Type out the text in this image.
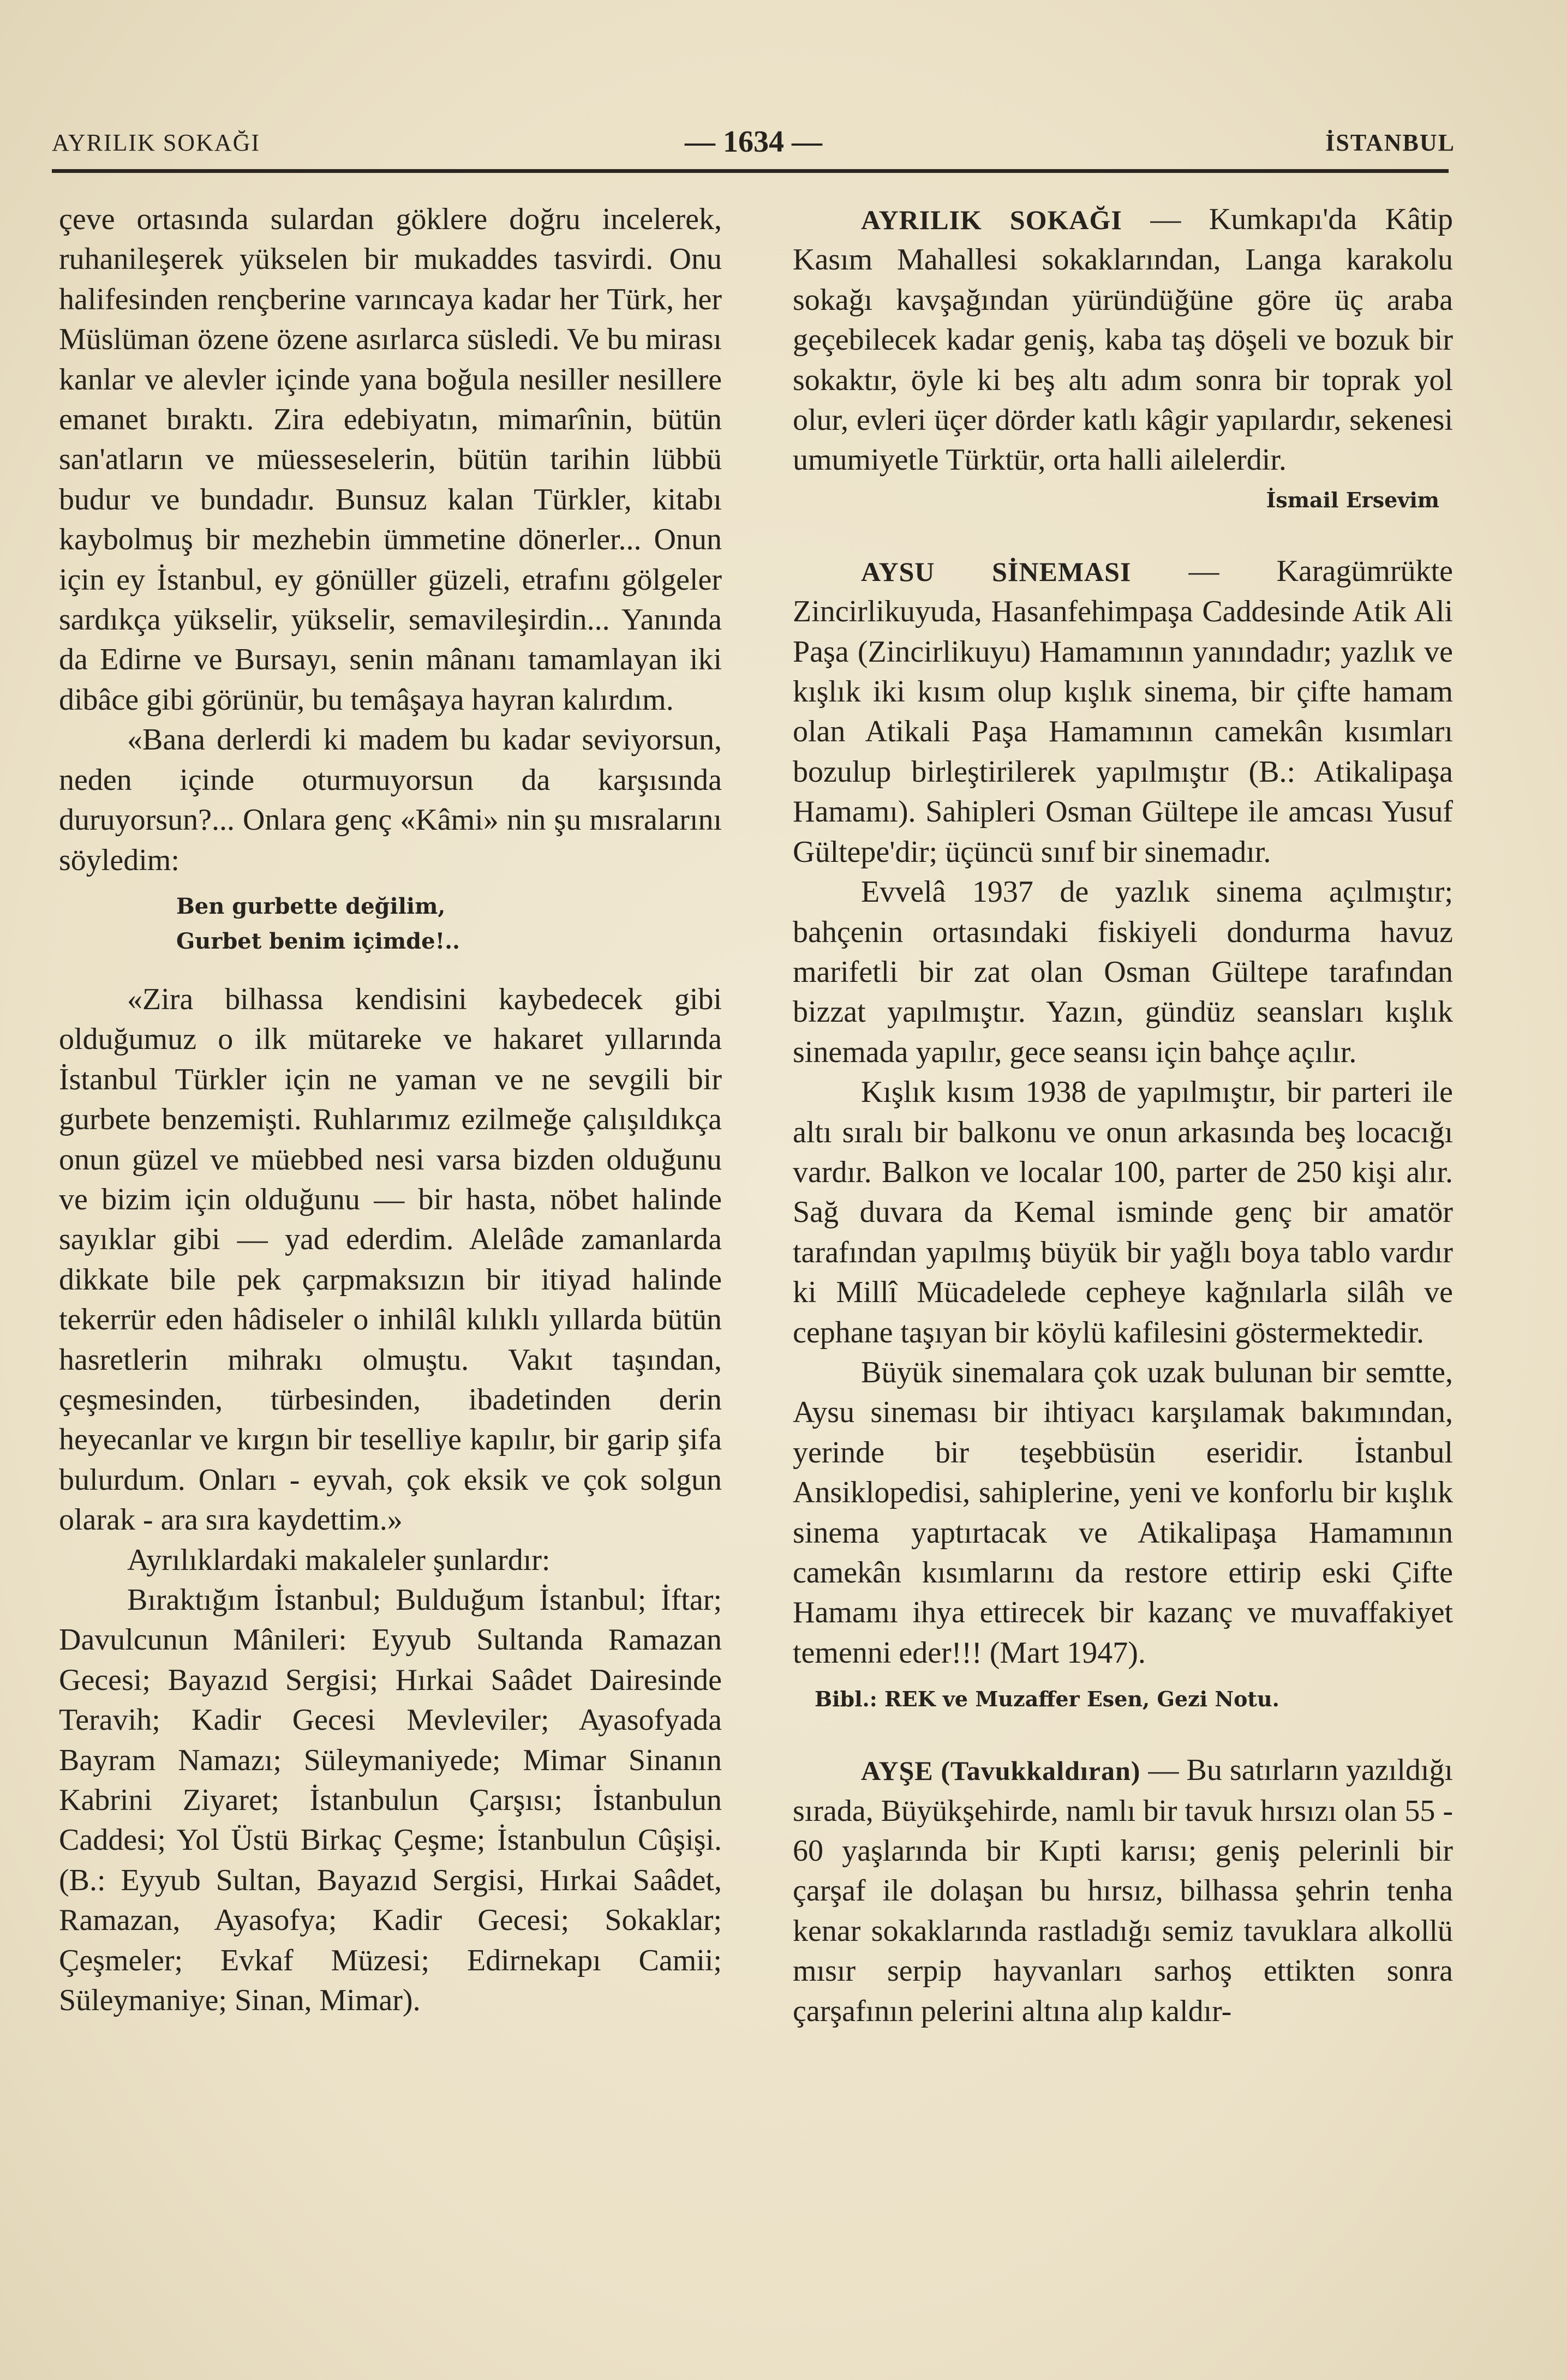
AYRILIK SOKAĞI	— 1634 —	İSTANBUL

çeve ortasında sulardan göklere doğru incelerek, ruhanileşerek yükselen bir mukaddes tasvirdi. Onu halifesinden rençberine varıncaya kadar her Türk, her Müslüman özene özene asırlarca süsledi. Ve bu mirası kanlar ve alevler içinde yana boğula nesiller nesillere emanet bıraktı. Zira edebiyatın, mimarînin, bütün san'atların ve müesseselerin, bütün tarihin lübbü budur ve bundadır. Bunsuz kalan Türkler, kitabı kaybolmuş bir mezhebin ümmetine dönerler... Onun için ey İstanbul, ey gönüller güzeli, etrafını gölgeler sardıkça yükselir, yükselir, semavileşirdin... Yanında da Edirne ve Bursayı, senin mânanı tamamlayan iki dibâce gibi görünür, bu temâşaya hayran kalırdım.

«Bana derlerdi ki madem bu kadar seviyorsun, neden içinde oturmuyorsun da karşısında duruyorsun?... Onlara genç «Kâmi» nin şu mısralarını söyledim:

Ben gurbette değilim,
Gurbet benim içimde!..

«Zira bilhassa kendisini kaybedecek gibi olduğumuz o ilk mütareke ve hakaret yıllarında İstanbul Türkler için ne yaman ve ne sevgili bir gurbete benzemişti. Ruhlarımız ezilmeğe çalışıldıkça onun güzel ve müebbed nesi varsa bizden olduğunu ve bizim için olduğunu — bir hasta, nöbet halinde sayıklar gibi — yad ederdim. Alelâde zamanlarda dikkate bile pek çarpmaksızın bir itiyad halinde tekerrür eden hâdiseler o inhilâl kılıklı yıllarda bütün hasretlerin mihrakı olmuştu. Vakıt taşından, çeşmesinden, türbesinden, ibadetinden derin heyecanlar ve kırgın bir teselliye kapılır, bir garip şifa bulurdum. Onları - eyvah, çok eksik ve çok solgun olarak - ara sıra kaydettim.»

Ayrılıklardaki makaleler şunlardır:

Bıraktığım İstanbul; Bulduğum İstanbul; İftar; Davulcunun Mânileri: Eyyub Sultanda Ramazan Gecesi; Bayazıd Sergisi; Hırkai Saâdet Dairesinde Teravih; Kadir Gecesi Mevleviler; Ayasofyada Bayram Namazı; Süleymaniyede; Mimar Sinanın Kabrini Ziyaret; İstanbulun Çarşısı; İstanbulun Caddesi; Yol Üstü Birkaç Çeşme; İstanbulun Cûşişi. (B.: Eyyub Sultan, Bayazıd Sergisi, Hırkai Saâdet, Ramazan, Ayasofya; Kadir Gecesi; Sokaklar; Çeşmeler; Evkaf Müzesi; Edirnekapı Camii; Süleymaniye; Sinan, Mimar).

AYRILIK SOKAĞI — Kumkapı'da Kâtip Kasım Mahallesi sokaklarından, Langa karakolu sokağı kavşağından yüründüğüne göre üç araba geçebilecek kadar geniş, kaba taş döşeli ve bozuk bir sokaktır, öyle ki beş altı adım sonra bir toprak yol olur, evleri üçer dörder katlı kâgir yapılardır, sekenesi umumiyetle Türktür, orta halli ailelerdir.

İsmail Ersevim

AYSU SİNEMASI — Karagümrükte Zincirlikuyuda, Hasanfehimpaşa Caddesinde Atik Ali Paşa (Zincirlikuyu) Hamamının yanındadır; yazlık ve kışlık iki kısım olup kışlık sinema, bir çifte hamam olan Atikali Paşa Hamamının camekân kısımları bozulup birleştirilerek yapılmıştır (B.: Atikalipaşa Hamamı). Sahipleri Osman Gültepe ile amcası Yusuf Gültepe'dir; üçüncü sınıf bir sinemadır.

Evvelâ 1937 de yazlık sinema açılmıştır; bahçenin ortasındaki fiskiyeli dondurma havuz marifetli bir zat olan Osman Gültepe tarafından bizzat yapılmıştır. Yazın, gündüz seansları kışlık sinemada yapılır, gece seansı için bahçe açılır.

Kışlık kısım 1938 de yapılmıştır, bir parteri ile altı sıralı bir balkonu ve onun arkasında beş locacığı vardır. Balkon ve localar 100, parter de 250 kişi alır. Sağ duvara da Kemal isminde genç bir amatör tarafından yapılmış büyük bir yağlı boya tablo vardır ki Millî Mücadelede cepheye kağnılarla silâh ve cephane taşıyan bir köylü kafilesini göstermektedir.

Büyük sinemalara çok uzak bulunan bir semtte, Aysu sineması bir ihtiyacı karşılamak bakımından, yerinde bir teşebbüsün eseridir. İstanbul Ansiklopedisi, sahiplerine, yeni ve konforlu bir kışlık sinema yaptırtacak ve Atikalipaşa Hamamının camekân kısımlarını da restore ettirip eski Çifte Hamamı ihya ettirecek bir kazanç ve muvaffakiyet temenni eder!!! (Mart 1947).

Bibl.: REK ve Muzaffer Esen, Gezi Notu.

AYŞE (Tavukkaldıran) — Bu satırların yazıldığı sırada, Büyükşehirde, namlı bir tavuk hırsızı olan 55 - 60 yaşlarında bir Kıpti karısı; geniş pelerinli bir çarşaf ile dolaşan bu hırsız, bilhassa şehrin tenha kenar sokaklarında rastladığı semiz tavuklara alkollü mısır serpip hayvanları sarhoş ettikten sonra çarşafının pelerini altına alıp kaldır-
